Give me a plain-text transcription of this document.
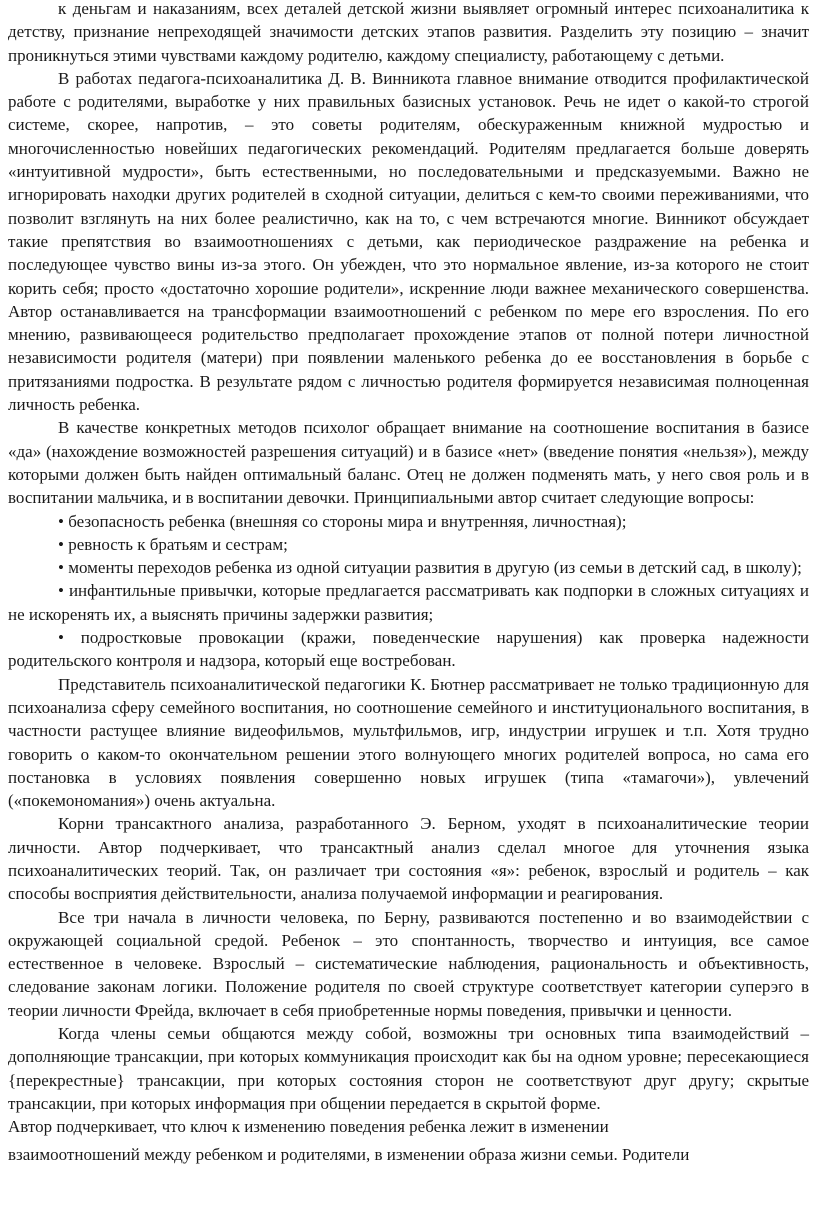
к деньгам и наказаниям, всех деталей детской жизни выявляет огромный интерес психоаналитика к детству, признание непреходящей значимости детских этапов развития. Разделить эту позицию – значит проникнуться этими чувствами каждому родителю, каждому специалисту, работающему с детьми.

В работах педагога-психоаналитика Д. В. Винникота главное внимание отводится профилактической работе с родителями, выработке у них правильных базисных установок. Речь не идет о какой-то строгой системе, скорее, напротив, – это советы родителям, обескураженным книжной мудростью и многочисленностью новейших педагогических рекомендаций. Родителям предлагается больше доверять «интуитивной мудрости», быть естественными, но последовательными и предсказуемыми. Важно не игнорировать находки других родителей в сходной ситуации, делиться с кем-то своими переживаниями, что позволит взглянуть на них более реалистично, как на то, с чем встречаются многие. Винникот обсуждает такие препятствия во взаимоотношениях с детьми, как периодическое раздражение на ребенка и последующее чувство вины из-за этого. Он убежден, что это нормальное явление, из-за которого не стоит корить себя; просто «достаточно хорошие родители», искренние люди важнее механического совершенства. Автор останавливается на трансформации взаимоотношений с ребенком по мере его взросления. По его мнению, развивающееся родительство предполагает прохождение этапов от полной потери личностной независимости родителя (матери) при появлении маленького ребенка до ее восстановления в борьбе с притязаниями подростка. В результате рядом с личностью родителя формируется независимая полноценная личность ребенка.

В качестве конкретных методов психолог обращает внимание на соотношение воспитания в базисе «да» (нахождение возможностей разрешения ситуаций) и в базисе «нет» (введение понятия «нельзя»), между которыми должен быть найден оптимальный баланс. Отец не должен подменять мать, у него своя роль и в воспитании мальчика, и в воспитании девочки. Принципиальными автор считает следующие вопросы:

• безопасность ребенка (внешняя со стороны мира и внутренняя, личностная);

• ревность к братьям и сестрам;

• моменты переходов ребенка из одной ситуации развития в другую (из семьи в детский сад, в школу);

• инфантильные привычки, которые предлагается рассматривать как подпорки в сложных ситуациях и не искоренять их, а выяснять причины задержки развития;

• подростковые провокации (кражи, поведенческие нарушения) как проверка надежности родительского контроля и надзора, который еще востребован.

Представитель психоаналитической педагогики К. Бютнер рассматривает не только традиционную для психоанализа сферу семейного воспитания, но соотношение семейного и институционального воспитания, в частности растущее влияние видеофильмов, мультфильмов, игр, индустрии игрушек и т.п. Хотя трудно говорить о каком-то окончательном решении этого волнующего многих родителей вопроса, но сама его постановка в условиях появления совершенно новых игрушек (типа «тамагочи»), увлечений («покемономания») очень актуальна.

Корни трансактного анализа, разработанного Э. Берном, уходят в психоаналитические теории личности. Автор подчеркивает, что трансактный анализ сделал многое для уточнения языка психоаналитических теорий. Так, он различает три состояния «я»: ребенок, взрослый и родитель – как способы восприятия действительности, анализа получаемой информации и реагирования.

Все три начала в личности человека, по Берну, развиваются постепенно и во взаимодействии с окружающей социальной средой. Ребенок – это спонтанность, творчество и интуиция, все самое естественное в человеке. Взрослый – систематические наблюдения, рациональность и объективность, следование законам логики. Положение родителя по своей структуре соответствует категории суперэго в теории личности Фрейда, включает в себя приобретенные нормы поведения, привычки и ценности.

Когда члены семьи общаются между собой, возможны три основных типа взаимодействий – дополняющие трансакции, при которых коммуникация происходит как бы на одном уровне; пересекающиеся {перекрестные} трансакции, при которых состояния сторон не соответствуют друг другу; скрытые трансакции, при которых информация при общении передается в скрытой форме.

Автор подчеркивает, что ключ к изменению поведения ребенка лежит в изменении

взаимоотношений между ребенком и родителями, в изменении образа жизни семьи. Родители
